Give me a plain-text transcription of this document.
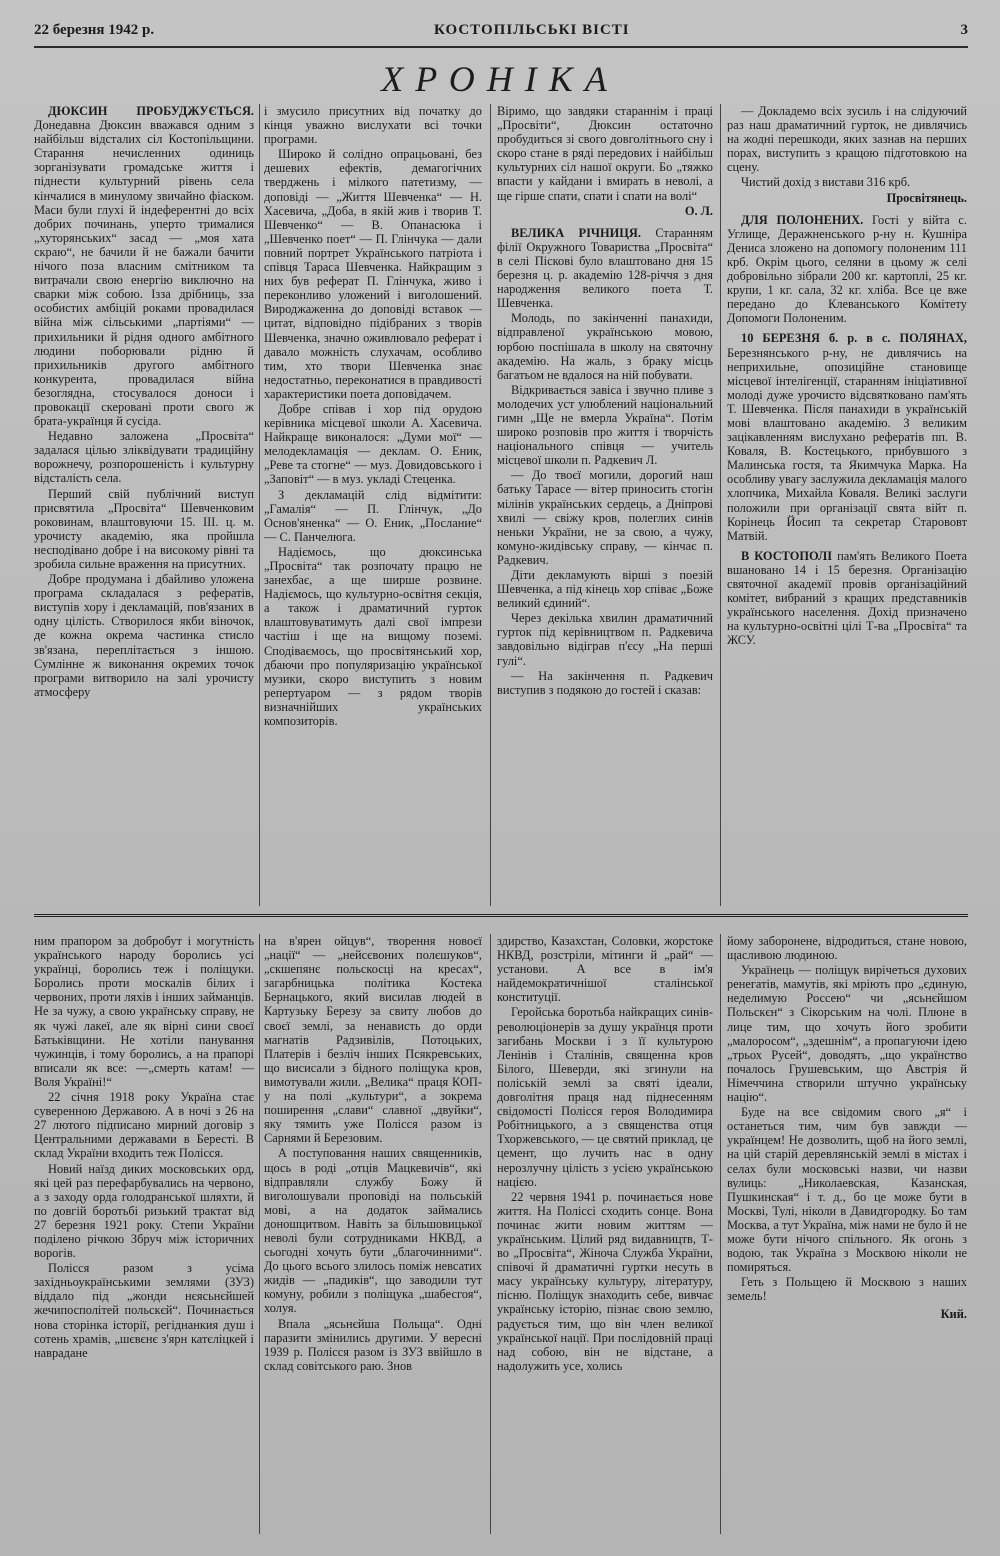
22 березня 1942 р.	КОСТОПІЛЬСЬКІ ВІСТІ	3
ХРОНІКА

ДЮКСИН ПРОБУДЖУЄТЬСЯ. Донедавна Дюксин вважався одним з найбільш відсталих сіл Костопільщини. Старання нечисленних одиниць зорганізувати громадське життя і піднести культурний рівень села кінчалися в минулому звичайно фіаском. Маси були глухі й індеферентні до всіх добрих починань, уперто трималися „хуторянських“ засад — „моя хата скраю“, не бачили й не бажали бачити нічого поза власним смітником та витрачали свою енергію виключно на сварки між собою. Ізза дрібниць, зза особистих амбіцій роками провадилася війна між сільськими „партіями“ — прихильники й рідня одного амбітного людини поборювали рідню й прихильників другого амбітного конкурента, провадилася війна безоглядна, стосувалося доноси і провокації скеровані проти свого ж брата-українця й сусіда.

Недавно заложена „Просвіта“ задалася цілью зліквідувати традиційну ворожнечу, розпорошеність і культурну відсталість села.

Перший свій публічний виступ присвятила „Просвіта“ Шевченковим роковинам, влаштовуючи 15. III. ц. м. урочисту академію, яка пройшла несподівано добре і на високому рівні та зробила сильне враження на присутних.

Добре продумана і дбайливо уложена програма складалася з рефератів, виступів хору і декламацій, пов'язаних в одну цілість. Створилося якби віночок, де кожна окрема частинка стисло зв'язана, переплітається з іншою. Сумлінне ж виконання окремих точок програми витворило на залі урочисту атмосферу

і змусило присутних від початку до кінця уважно вислухати всі точки програми.

Широко й солідно опрацьовані, без дешевих ефектів, демагогічних тверджень і мілкого патетизму, — доповіді — „Життя Шевченка“ — Н. Хасевича, „Доба, в якій жив і творив Т. Шевченко“ — В. Опанасюка і „Шевченко поет“ — П. Глінчука — дали повний портрет Українського патріота і співця Тараса Шевченка. Найкращим з них був реферат П. Глінчука, живо і переконливо уложений і виголошений. Вироджаженна до доповіді вставок — цитат, відповідно підібраних з творів Шевченка, значно оживлювало реферат і давало можність слухачам, особливо тим, хто твори Шевченка знає недостатньо, переконатися в правдивості характеристики поета доповідачем.

Добре співав і хор під орудою керівника місцевої школи А. Хасевича. Найкраще виконалося: „Думи мої“ — мелодекламація — деклам. О. Еник, „Реве та стогне“ — муз. Довидовського і „Заповіт“ — в муз. укладі Стеценка.

З декламацій слід відмітити: „Гамалія“ — П. Глінчук, „До Основ'яненка“ — О. Еник, „Послание“ — С. Панчелюга.

Надіємось, що дюксинська „Просвіта“ так розпочату працю не занехбає, а ще ширше розвине. Надіємось, що культурно-освітня секція, а також і драматичний гурток влаштовуватимуть далі свої імпрези частіш і ще на вищому поземі. Сподіваємось, що просвітянський хор, дбаючи про популяризацію української музики, скоро виступить з новим репертуаром — з рядом творів визначнійших українських композиторів.

Віримо, що завдяки стараннім і праці „Просвіти“, Дюксин остаточно пробудиться зі свого довголітнього сну і скоро стане в ряді передових і найбільш культурних сіл нашої округи. Бо „тяжко впасти у кайдани і вмирать в неволі, а ще гірше спати, спати і спати на волі“

О. Л.

ВЕЛИКА РІЧНИЦЯ. Старанням філії Окружного Товариства „Просвіта“ в селі Пісковi було влаштовано дня 15 березня ц. р. академію 128-річчя з дня народження великого поета Т. Шевченка.

Молодь, по закінченні панахиди, відправленої українською мовою, юрбою поспішала в школу на святочну академію. На жаль, з браку місць багатьом не вдалося на ній побувати.

Відкривається завіса і звучно пливе з молодечих уст улюблений національний гимн „Ще не вмерла Україна“. Потім широко розповів про життя і творчість національного співця — учитель місцевої школи п. Радкевич Л.

— До твоєї могили, дорогий наш батьку Тарасе — вітер приносить стогін мілінів українських сердець, а Дніпрові хвилі — свіжу кров, полеглих синів неньки України, не за свою, а чужу, комуно-жидівську справу, — кінчає п. Радкевич.

Діти декламують вірші з поезій Шевченка, а під кінець хор співає „Боже великий єдиний“.

Через декілька хвилин драматичний гурток під керівництвом п. Радкевича завдовільно відіграв п'єсу „На перші гулі“.

— На закінчення п. Радкевич виступив з подякою до гостей і сказав:

— Докладемо всіх зусиль і на слідуючий раз наш драматичний гурток, не дивлячись на жодні перешкоди, яких зазнав на перших порах, виступить з кращою підготовкою на сцену.

Чистий дохід з вистави 316 крб.

Просвітянець.

ДЛЯ ПОЛОНЕНИХ. Гості у війта с. Углище, Деражненського р-ну н. Кушніра Дениса зложено на допомогу полоненим 111 крб. Окрім цього, селяни в цьому ж селі добровільно зібрали 200 кг. картоплі, 25 кг. крупи, 1 кг. сала, 32 кг. хліба. Все це вже передано до Клеванського Комітету Допомоги Полоненим.

10 БЕРЕЗНЯ б. р. в с. ПОЛЯНАХ, Березнянського р-ну, не дивлячись на неприхильне, опозиційне становище місцевої інтелігенції, старанням ініціативної молоді дуже урочисто відсвятковано пам'ять Т. Шевченка. Після панахиди в українській мові влаштовано академію. З великим зацікавленням вислухано рефератів пп. В. Коваля, В. Костецького, прибувшого з Малинська гостя, та Якимчука Марка. На особливу увагу заслужила декламація малого хлопчика, Михайла Коваля. Великі заслуги положили при організації свята війт п. Корінець Йосип та секретар Старововт Матвій.

В КОСТОПОЛІ пам'ять Великого Поета вшановано 14 і 15 березня. Організацію святочної академії провів організаційний комітет, вибраний з кращих представників українського населення. Дохід призначено на культурно-освітні цілі Т-ва „Просвіта“ та ЖСУ.

ним прапором за добробут і могутність українського народу боролись усі українці, боролись теж і поліщуки. Боролись проти москалів білих і червоних, проти ляхів і інших займанців. Не за чужу, а свою українську справу, не як чужі лакеї, але як вірні сини своєї Батьківщини. Не хотіли панування чужинців, і тому боролись, а на прапорі вписали як все: —„смерть катам! — Воля Україні!“

22 січня 1918 року Україна стає суверенною Державою. А в ночі з 26 на 27 лютого підписано мирний договір з Центральними державами в Бересті. В склад України входить теж Полісся.

Новий наїзд диких московських орд, які цей раз перефарбувались на червоно, а з заходу орда голодранської шляхти, й по довгій боротьбі ризький трактат від 27 березня 1921 року. Степи України поділено річкою Збруч між історичних ворогів.

Полісся разом з усіма західньоукраїнськими землями (ЗУЗ) віддало під „жонди нєясьнєйшей жечипосполітей польскєй“. Починається нова сторінка історії, регіднанкия душ і сотень храмів, „шєвєнє з'ярн катєліцкей і наврадане

на в'ярен ойцув“, творення новоєї „нації“ — „нейсєвоних полєшуков“, „скшепянє польскосці на кресах“, загарбницька політика Костека Бернацького, який висилав людей в Картузьку Березу за свиту любов до своєї землі, за ненависть до орди магнатів Радзивілів, Потоцьких, Платерів і безліч інших Псякревських, що висисали з бідного поліщука кров, вимотували жили. „Велика“ праця КОП-у на полі „культури“, а зокрема поширення „слави“ славної „двуйки“, яку тямить уже Полісся разом із Сарнями й Березовим.

А поступовання наших священників, щось в роді „отців Мацкевичів“, які відправляли службу Божу й виголошували проповіді на польській мові, а на додаток займались доношцитвом. Навіть за більшовицької неволі були сотрудниками НКВД, а сьогодні хочуть бути „благочинними“. До цього всього злилось поміж невсатих жидів — „падиків“, що заводили тут комуну, робили з поліщука „шабесгоя“, холуя.

Впала „ясьнєйша Польща“. Одні паразити змінились другими. У вересні 1939 р. Полісся разом із ЗУЗ ввійшло в склад совітського раю. Знов

здирство, Казахстан, Соловки, жорстоке НКВД, розстріли, мітинги й „рай“ — установи. А все в ім'я найдемократичнішої сталінської конституції.

Геройська боротьба найкращих синів-революціонерів за душу українця проти загибань Москви і з її культурою Ленінів і Сталінів, священна кров Білого, Шеверди, які згинули на поліській землі за святі ідеали, довголітня праця над піднесенням свідомості Полісся героя Володимира Робітницького, а з священства отця Тхоржевського, — це святий приклад, це цемент, що лучить нас в одну нерозлучну цілість з усією українською нацією.

22 червня 1941 р. починається нове життя. На Поліссі сходить сонце. Вона починає жити новим життям — українським. Цілий ряд видавництв, Т-во „Просвіта“, Жіноча Служба України, співочі й драматичні гуртки несуть в масу українську культуру, літературу, пісню. Поліщук знаходить себе, вивчає українську історію, пізнає свою землю, радується тим, що він член великої української нації. При послідовній праці над собою, він не відстане, а надолужить усе, холись

йому заборонене, відродиться, стане новою, щасливою людиною.

Українець — поліщук вирічеться духових ренегатів, мамутів, які мріють про „єдиную, неделимую Россею“ чи „ясьнєйшом Польскєн“ з Сікорським на чолі. Плюне в лице тим, що хочуть його зробити „малоросом“, „здешнім“, а пропагуючи ідею „трьох Русей“, доводять, „що українство почалось Грушевським, що Австрія й Німеччина створили штучно українську націю“.

Буде на все свідомим свого „я“ і останеться тим, чим був завжди — українцем! Не дозволить, щоб на його землі, на цій старій деревлянській землі в містах і селах були московські назви, чи назви вулиць: „Николаевская, Казанская, Пушкинская“ і т. д., бо це може бути в Москві, Тулі, ніколи в Давидгородку. Бо там Москва, а тут Україна, між нами не було й не може бути нічого спільного. Як огонь з водою, так Україна з Москвою ніколи не помиряться.

Геть з Польщею й Москвою з наших земель!

Кий.
